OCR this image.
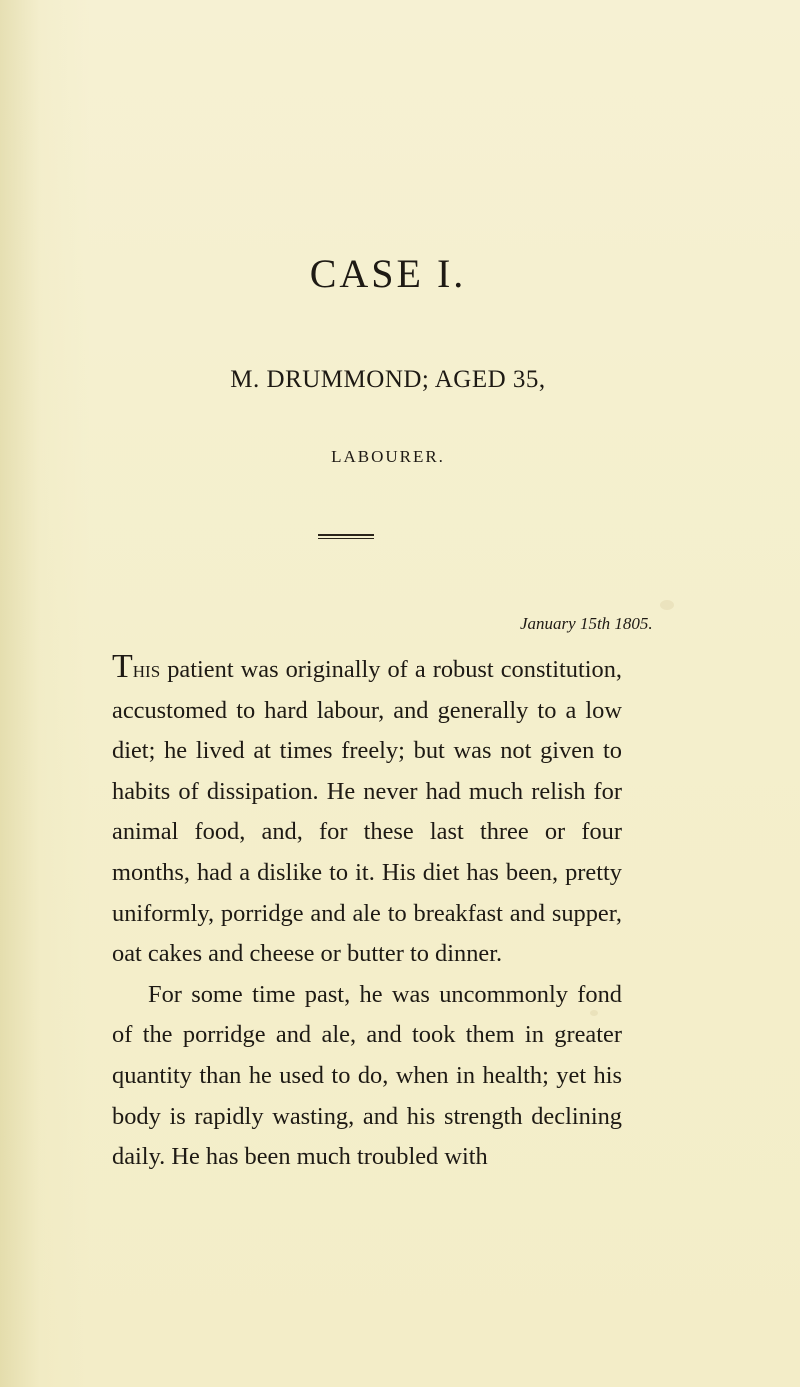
CASE I.
M. DRUMMOND; AGED 35,
LABOURER.
January 15th 1805.

This patient was originally of a robust constitution, accustomed to hard labour, and generally to a low diet; he lived at times freely; but was not given to habits of dissipation. He never had much relish for animal food, and, for these last three or four months, had a dislike to it. His diet has been, pretty uniformly, porridge and ale to breakfast and supper, oat cakes and cheese or butter to dinner.

For some time past, he was uncommonly fond of the porridge and ale, and took them in greater quantity than he used to do, when in health; yet his body is rapidly wasting, and his strength declining daily. He has been much troubled with
